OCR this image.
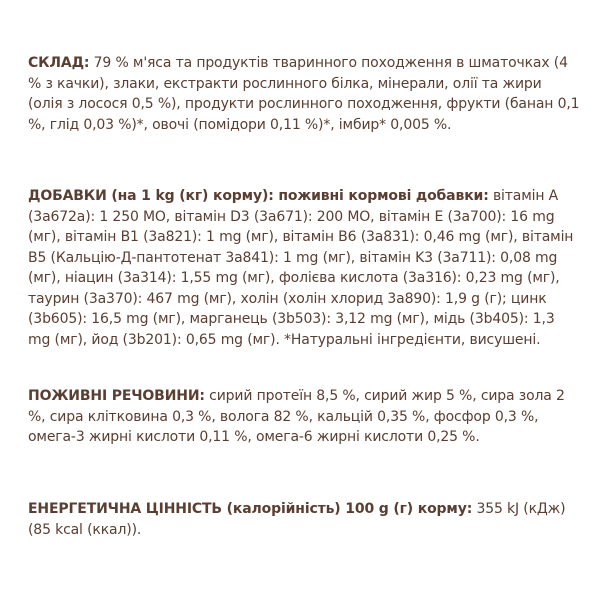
СКЛАД: 79 % м'яса та продуктів тваринного походження в шматочках (4 % з качки), злаки, екстракти рослинного білка, мінерали, олії та жири (олія з лосося 0,5 %), продукти рослинного походження, фрукти (банан 0,1 %, глід 0,03 %)*, овочі (помідори 0,11 %)*, імбир* 0,005 %.

ДОБАВКИ (на 1 kg (кг) корму): поживні кормові добавки: вітамін A (3a672a): 1 250 MO, вітамін D3 (3a671): 200 MO, вітамін E (3a700): 16 mg (мг), вітамін B1 (3a821): 1 mg (мг), вітамін B6 (3a831): 0,46 mg (мг), вітамін B5 (Кальцію-Д-пантотенат 3a841): 1 mg (мг), вітамін K3 (3a711): 0,08 mg (мг), ніацин (3a314): 1,55 mg (мг), фолієва кислота (3a316): 0,23 mg (мг), таурин (3a370): 467 mg (мг), холін (холін хлорид 3a890): 1,9 g (г); цинк (3b605): 16,5 mg (мг), марганець (3b503): 3,12 mg (мг), мідь (3b405): 1,3 mg (мг), йод (3b201): 0,65 mg (мг). *Натуральні інгредієнти, висушені.

ПОЖИВНІ РЕЧОВИНИ: сирий протеїн 8,5 %, сирий жир 5 %, сира зола 2 %, сира клітковина 0,3 %, волога 82 %, кальцій 0,35 %, фосфор 0,3 %, омега-3 жирні кислоти 0,11 %, омега-6 жирні кислоти 0,25 %.

ЕНЕРГЕТИЧНА ЦІННІСТЬ (калорійність) 100 g (г) корму: 355 kJ (кДж) (85 kcal (ккал)).
